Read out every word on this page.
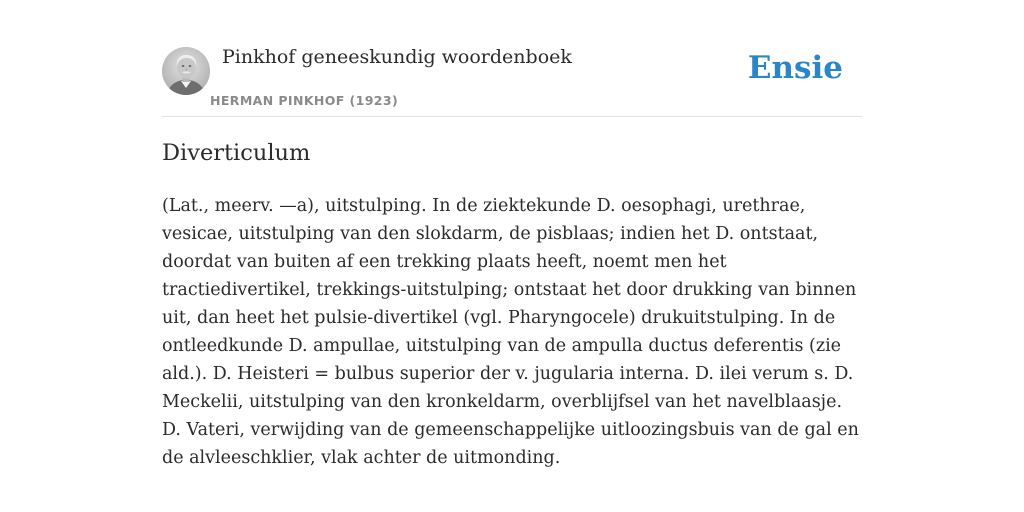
Pinkhof geneeskundig woordenboek
HERMAN PINKHOF (1923)
Ensie
Diverticulum

(Lat., meerv. —a), uitstulping. In de ziektekunde D. oesophagi, urethrae, vesicae, uitstulping van den slokdarm, de pisblaas; indien het D. ontstaat, doordat van buiten af een trekking plaats heeft, noemt men het tractiedivertikel, trekkings-uitstulping; ontstaat het door drukking van binnen uit, dan heet het pulsie-divertikel (vgl. Pharyngocele) drukuitstulping. In de ontleedkunde D. ampullae, uitstulping van de ampulla ductus deferentis (zie ald.). D. Heisteri = bulbus superior der v. jugularia interna. D. ilei verum s. D. Meckelii, uitstulping van den kronkeldarm, overblijfsel van het navelblaasje. D. Vateri, verwijding van de gemeenschappelijke uitloozingsbuis van de gal en de alvleeschklier, vlak achter de uitmonding.
